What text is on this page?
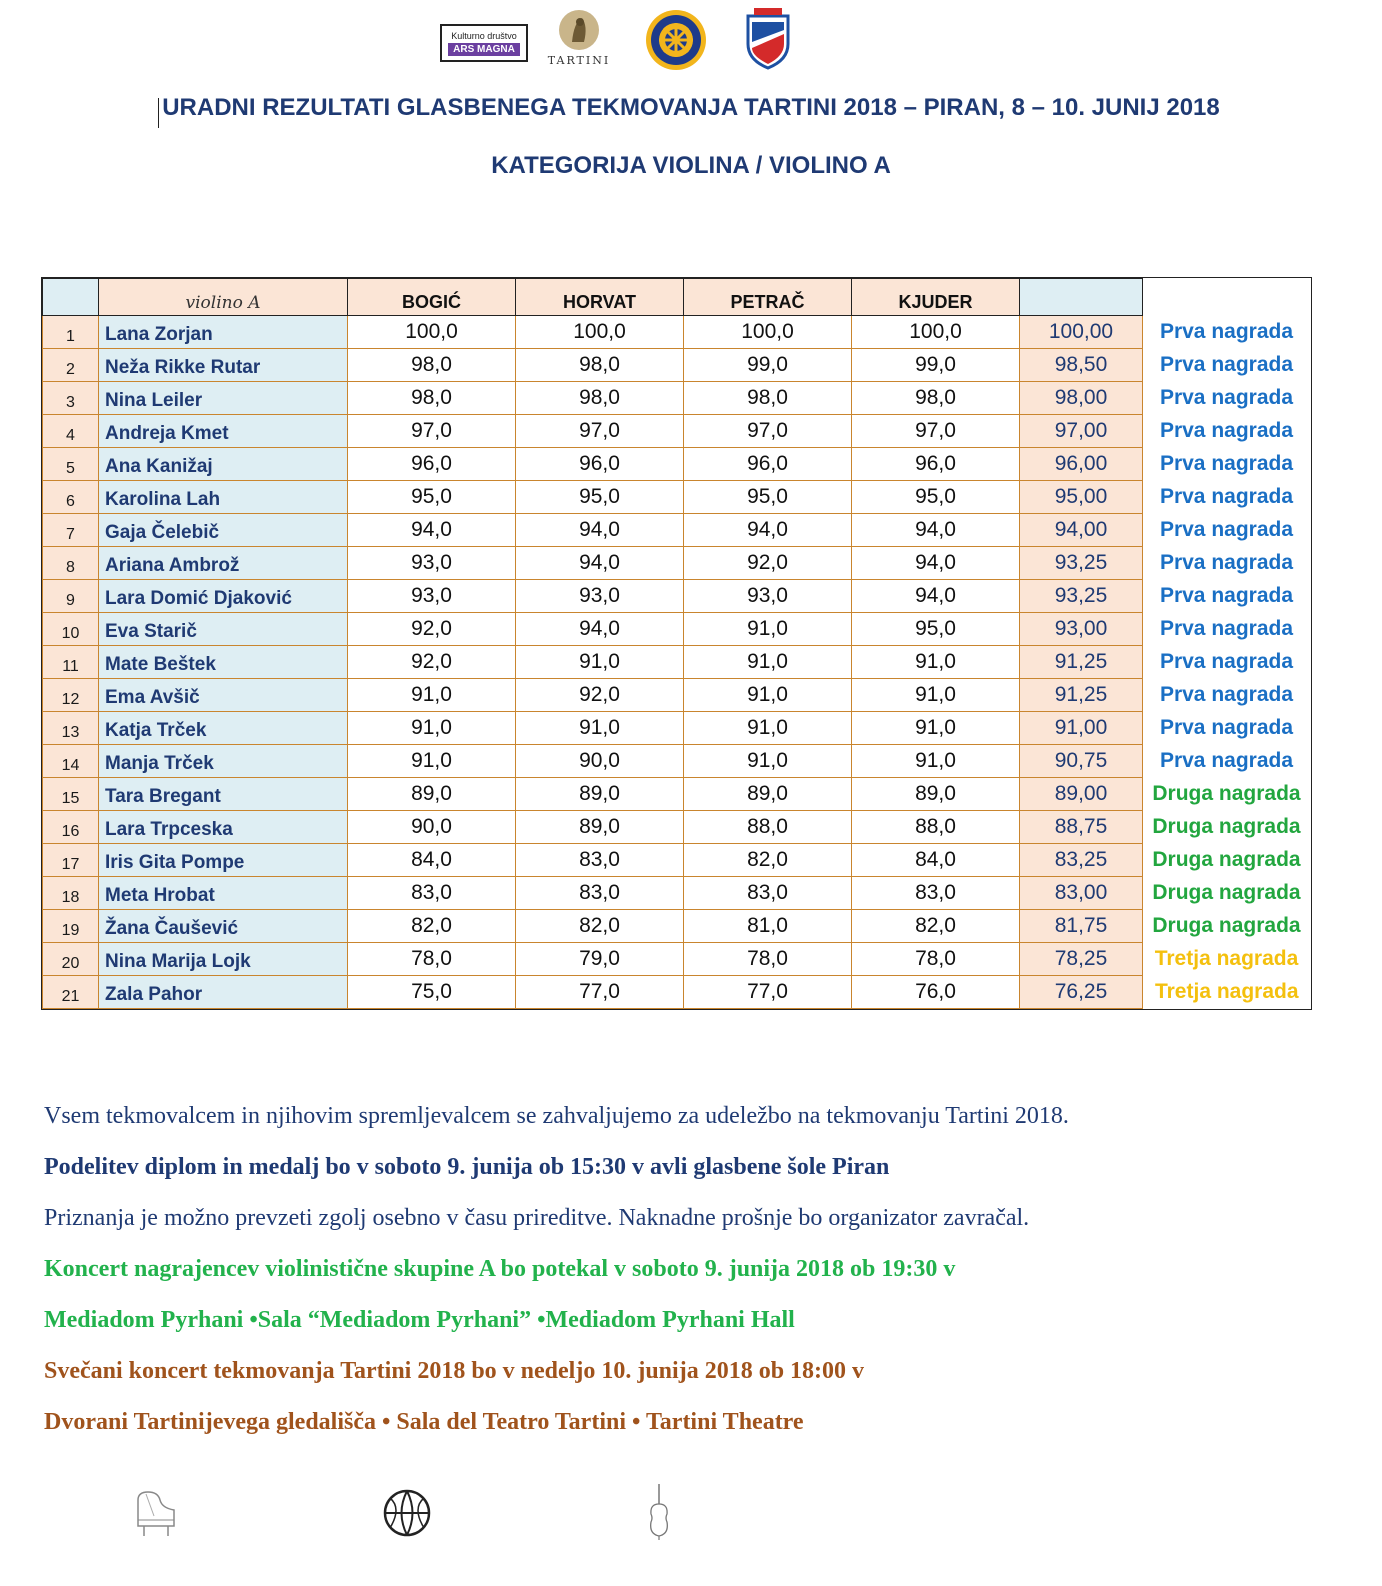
Kulturno društvo
ARS MAGNA
TARTINI
URADNI REZULTATI GLASBENEGA TEKMOVANJA TARTINI 2018 – PIRAN, 8 – 10. JUNIJ 2018
KATEGORIJA VIOLINA / VIOLINO A
	violino A	BOGIĆ	HORVAT	PETRAČ	KJUDER		
1	Lana Zorjan	100,0	100,0	100,0	100,0	100,00	Prva nagrada
2	Neža Rikke Rutar	98,0	98,0	99,0	99,0	98,50	Prva nagrada
3	Nina Leiler	98,0	98,0	98,0	98,0	98,00	Prva nagrada
4	Andreja Kmet	97,0	97,0	97,0	97,0	97,00	Prva nagrada
5	Ana Kanižaj	96,0	96,0	96,0	96,0	96,00	Prva nagrada
6	Karolina Lah	95,0	95,0	95,0	95,0	95,00	Prva nagrada
7	Gaja Čelebič	94,0	94,0	94,0	94,0	94,00	Prva nagrada
8	Ariana Ambrož	93,0	94,0	92,0	94,0	93,25	Prva nagrada
9	Lara Domić Djaković	93,0	93,0	93,0	94,0	93,25	Prva nagrada
10	Eva Starič	92,0	94,0	91,0	95,0	93,00	Prva nagrada
11	Mate Beštek	92,0	91,0	91,0	91,0	91,25	Prva nagrada
12	Ema Avšič	91,0	92,0	91,0	91,0	91,25	Prva nagrada
13	Katja Trček	91,0	91,0	91,0	91,0	91,00	Prva nagrada
14	Manja Trček	91,0	90,0	91,0	91,0	90,75	Prva nagrada
15	Tara Bregant	89,0	89,0	89,0	89,0	89,00	Druga nagrada
16	Lara Trpceska	90,0	89,0	88,0	88,0	88,75	Druga nagrada
17	Iris Gita Pompe	84,0	83,0	82,0	84,0	83,25	Druga nagrada
18	Meta Hrobat	83,0	83,0	83,0	83,0	83,00	Druga nagrada
19	Žana Čaušević	82,0	82,0	81,0	82,0	81,75	Druga nagrada
20	Nina Marija Lojk	78,0	79,0	78,0	78,0	78,25	Tretja nagrada
21	Zala Pahor	75,0	77,0	77,0	76,0	76,25	Tretja nagrada

Vsem tekmovalcem in njihovim spremljevalcem se zahvaljujemo za udeležbo na tekmovanju Tartini 2018.

Podelitev diplom in medalj bo v soboto 9. junija ob 15:30 v avli glasbene šole Piran

Priznanja je možno prevzeti zgolj osebno v času prireditve. Naknadne prošnje bo organizator zavračal.

Koncert nagrajencev violinistične skupine A bo potekal v soboto 9. junija 2018 ob 19:30 v

Mediadom Pyrhani •Sala “Mediadom Pyrhani” •Mediadom Pyrhani Hall

Svečani koncert tekmovanja Tartini 2018 bo v nedeljo 10. junija 2018 ob 18:00 v

Dvorani Tartinijevega gledališča • Sala del Teatro Tartini • Tartini Theatre
